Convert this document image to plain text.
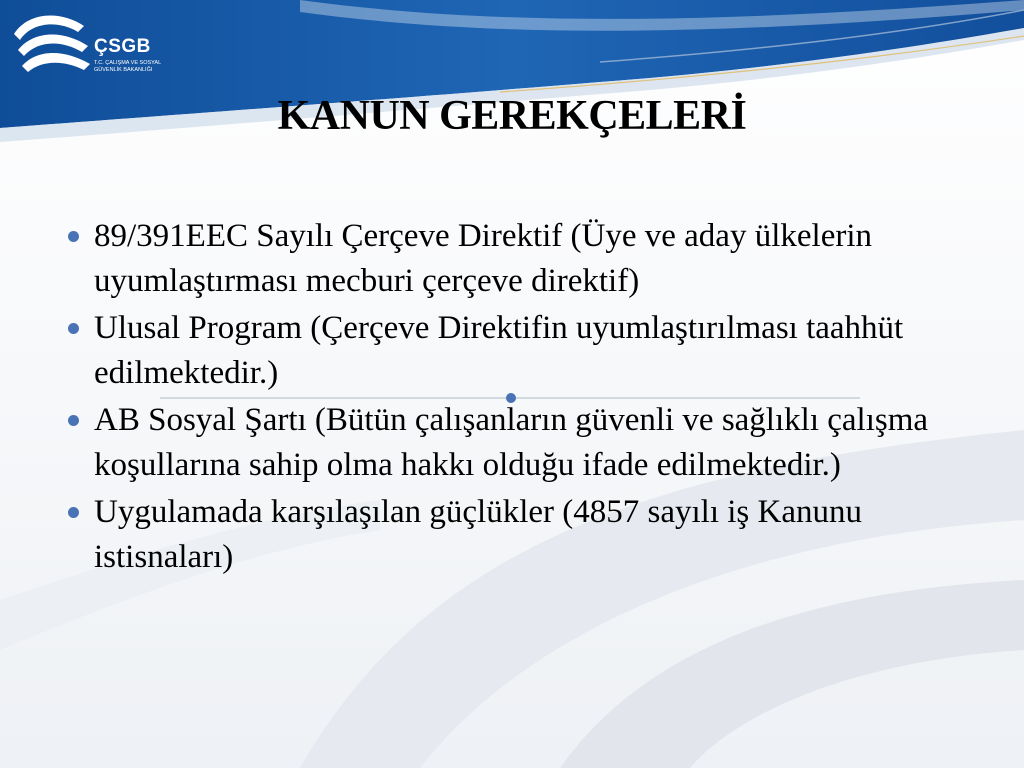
ÇSGB
T.C. ÇALIŞMA VE SOSYAL GÜVENLİK BAKANLIĞI
KANUN GEREKÇELERİ
89/391EEC Sayılı Çerçeve Direktif (Üye ve aday ülkelerin uyumlaştırması mecburi çerçeve direktif)
Ulusal Program (Çerçeve Direktifin uyumlaştırılması taahhüt edilmektedir.)
AB Sosyal Şartı (Bütün çalışanların güvenli ve sağlıklı çalışma koşullarına sahip olma hakkı olduğu ifade edilmektedir.)
Uygulamada karşılaşılan güçlükler (4857 sayılı iş Kanunu istisnaları)
